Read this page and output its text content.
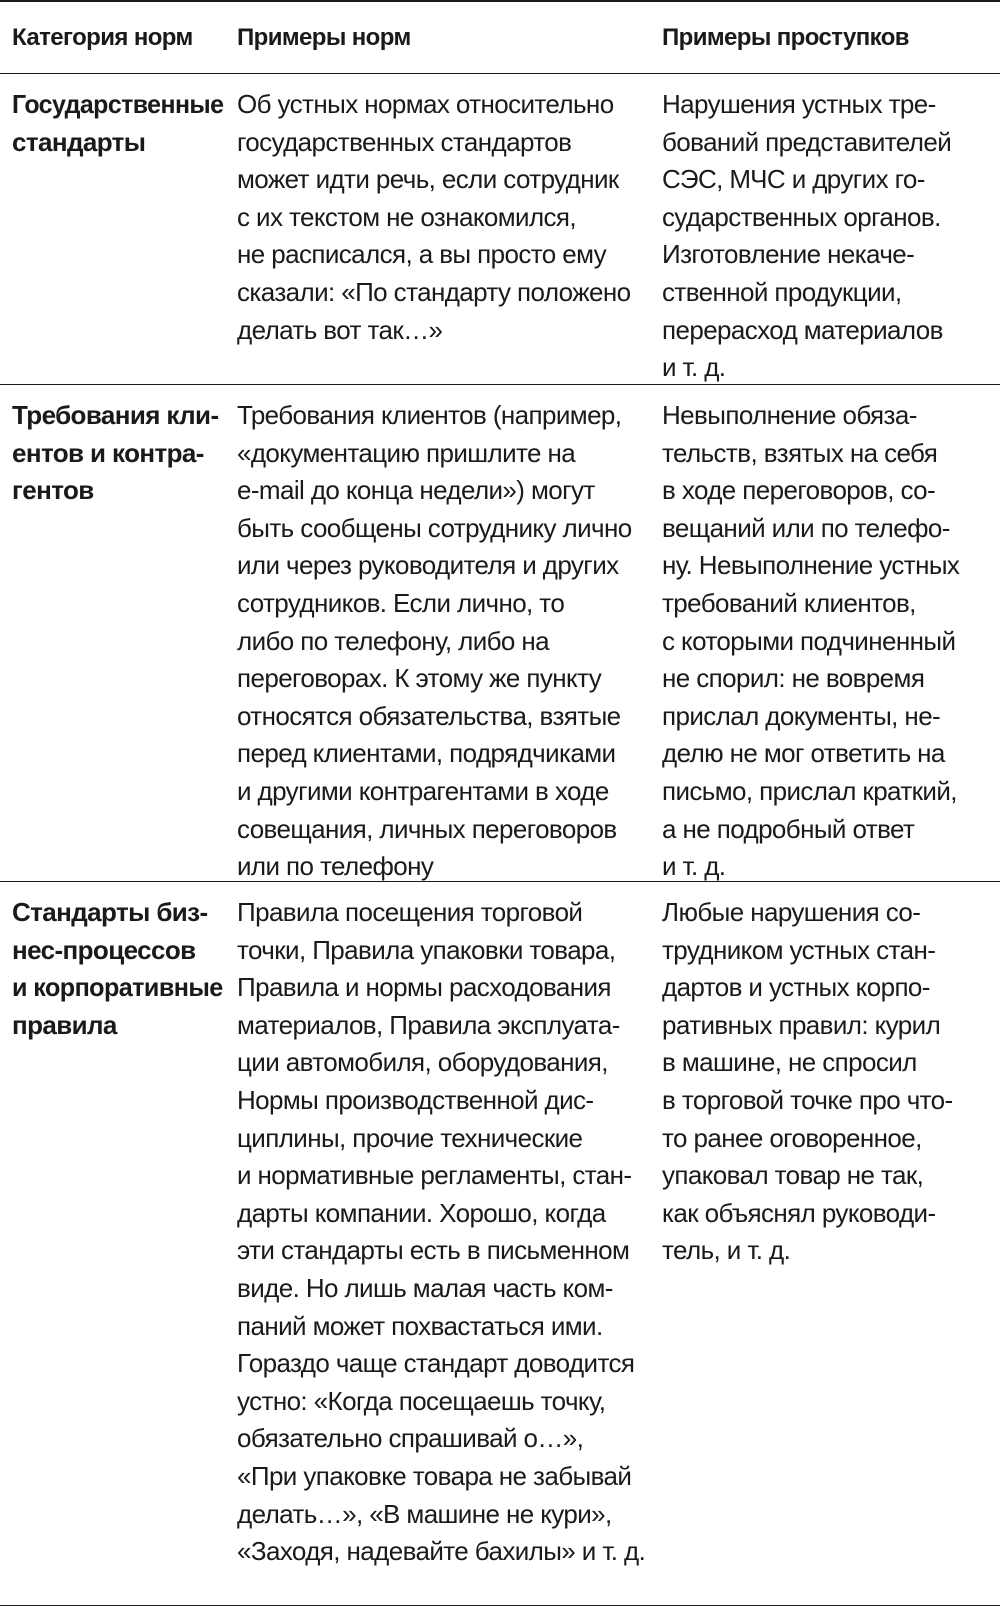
Категория норм	Примеры норм	Примеры проступков
Государственные
стандарты
Об устных нормах относительно
государственных стандартов
может идти речь, если сотрудник
с их текстом не ознакомился,
не расписался, а вы просто ему
сказали: «По стандарту положено
делать вот так…»
Нарушения устных тре-
бований представителей
СЭС, МЧС и других го-
сударственных органов.
Изготовление некаче-
ственной продукции,
перерасход материалов
и т. д.
Требования кли-
ентов и контра-
гентов
Требования клиентов (например,
«документацию пришлите на
e-mail до конца недели») могут
быть сообщены сотруднику лично
или через руководителя и других
сотрудников. Если лично, то
либо по телефону, либо на
переговорах. К этому же пункту
относятся обязательства, взятые
перед клиентами, подрядчиками
и другими контрагентами в ходе
совещания, личных переговоров
или по телефону
Невыполнение обяза-
тельств, взятых на себя
в ходе переговоров, со-
вещаний или по телефо-
ну. Невыполнение устных
требований клиентов,
с которыми подчиненный
не спорил: не вовремя
прислал документы, не-
делю не мог ответить на
письмо, прислал краткий,
а не подробный ответ
и т. д.
Стандарты биз-
нес-процессов
и корпоративные
правила
Правила посещения торговой
точки, Правила упаковки товара,
Правила и нормы расходования
материалов, Правила эксплуата-
ции автомобиля, оборудования,
Нормы производственной дис-
циплины, прочие технические
и нормативные регламенты, стан-
дарты компании. Хорошо, когда
эти стандарты есть в письменном
виде. Но лишь малая часть ком-
паний может похвастаться ими.
Гораздо чаще стандарт доводится
устно: «Когда посещаешь точку,
обязательно спрашивай о…»,
«При упаковке товара не забывай
делать…», «В машине не кури»,
«Заходя, надевайте бахилы» и т. д.
Любые нарушения со-
трудником устных стан-
дартов и устных корпо-
ративных правил: курил
в машине, не спросил
в торговой точке про что-
то ранее оговоренное,
упаковал товар не так,
как объяснял руководи-
тель, и т. д.
